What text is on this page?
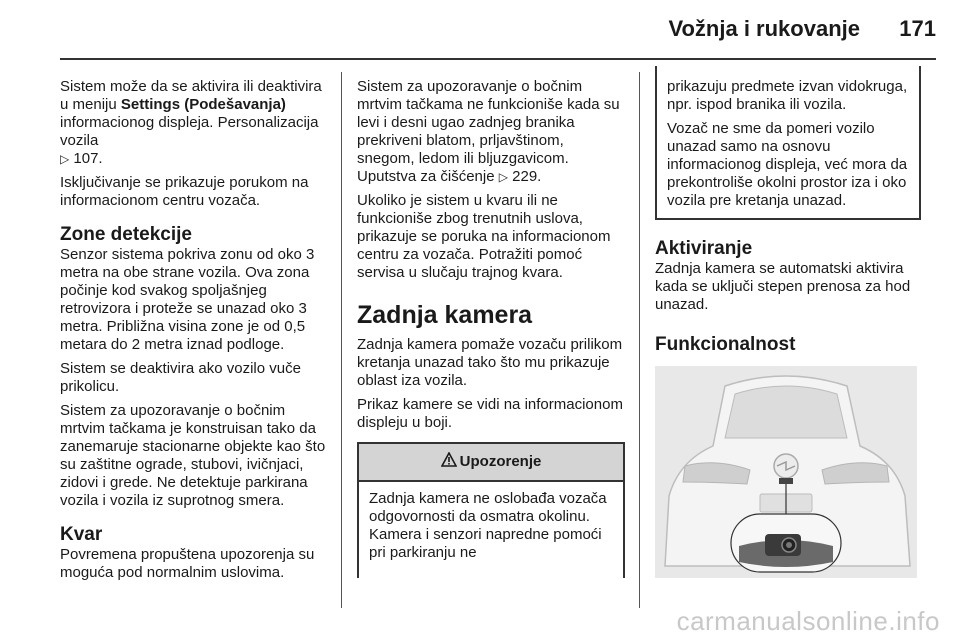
Vožnja i rukovanje	171

Sistem može da se aktivira ili deaktivira u meniju Settings (Podešavanja) informacionog displeja. Personalizacija vozila
▷ 107.

Isključivanje se prikazuje porukom na informacionom centru vozača.

Zone detekcije

Senzor sistema pokriva zonu od oko 3 metra na obe strane vozila. Ova zona počinje kod svakog spoljašnjeg retrovizora i proteže se unazad oko 3 metra. Približna visina zone je od 0,5 metara do 2 metra iznad podloge.

Sistem se deaktivira ako vozilo vuče prikolicu.

Sistem za upozoravanje o bočnim mrtvim tačkama je konstruisan tako da zanemaruje stacionarne objekte kao što su zaštitne ograde, stubovi, ivičnjaci, zidovi i grede. Ne detektuje parkirana vozila i vozila iz suprotnog smera.

Kvar

Povremena propuštena upozorenja su moguća pod normalnim uslovima.

Sistem za upozoravanje o bočnim mrtvim tačkama ne funkcioniše kada su levi i desni ugao zadnjeg branika prekriveni blatom, prljavštinom, snegom, ledom ili bljuzgavicom. Uputstva za čišćenje ▷ 229.

Ukoliko je sistem u kvaru ili ne funkcioniše zbog trenutnih uslova, prikazuje se poruka na informacionom centru za vozača. Potražiti pomoć servisa u slučaju trajnog kvara.

Zadnja kamera

Zadnja kamera pomaže vozaču prilikom kretanja unazad tako što mu prikazuje oblast iza vozila.

Prikaz kamere se vidi na informacionom displeju u boji.

Upozorenje
Zadnja kamera ne oslobađa vozača odgovornosti da osmatra okolinu. Kamera i senzori napredne pomoći pri parkiranju ne

prikazuju predmete izvan vidokruga, npr. ispod branika ili vozila.

Vozač ne sme da pomeri vozilo unazad samo na osnovu informacionog displeja, već mora da prekontroliše okolni prostor iza i oko vozila pre kretanja unazad.

Aktiviranje

Zadnja kamera se automatski aktivira kada se uključi stepen prenosa za hod unazad.

Funkcionalnost
carmanualsonline.info
